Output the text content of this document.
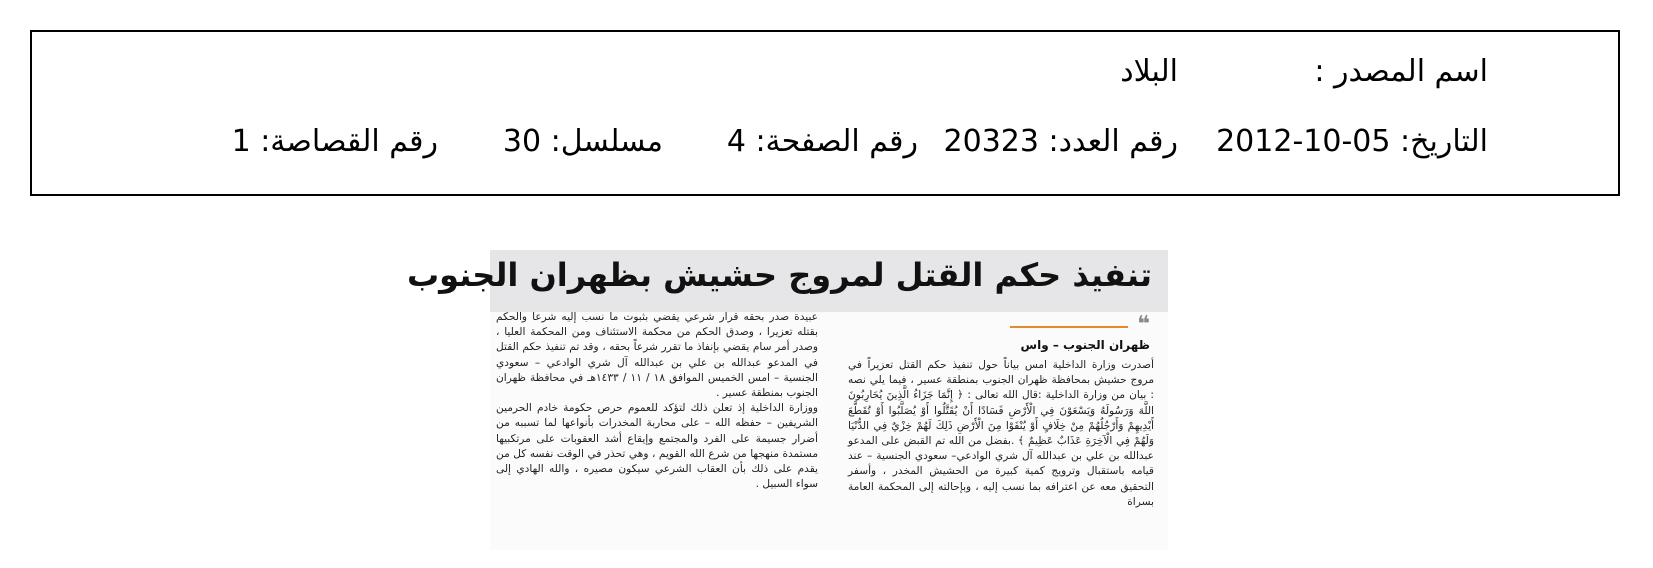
اسم المصدر :
البلاد
التاريخ: 05-10-2012
رقم العدد: 20323
رقم الصفحة: 4
مسلسل: 30
رقم القصاصة: 1
تنفيذ حكم القتل لمروج حشيش بظهران الجنوب
❝
ظهران الجنوب – واس

أصدرت وزارة الداخلية امس بياناً حول تنفيذ حكم القتل تعزيراً في مروج حشيش بمحافظة ظهران الجنوب بمنطقة عسير ، فيما يلي نصه : بيان من وزارة الداخلية :قال الله تعالى : ﴿ إِنَّمَا جَزَاءُ الَّذِينَ يُحَارِبُونَ اللَّهَ وَرَسُولَهُ وَيَسْعَوْنَ فِي الْأَرْضِ فَسَادًا أَنْ يُقَتَّلُوا أَوْ يُصَلَّبُوا أَوْ تُقَطَّعَ أَيْدِيهِمْ وَأَرْجُلُهُمْ مِنْ خِلَافٍ أَوْ يُنْفَوْا مِنَ الْأَرْضِ ذَلِكَ لَهُمْ خِزْيٌ فِي الدُّنْيَا وَلَهُمْ فِي الْآخِرَةِ عَذَابٌ عَظِيمٌ ﴾ .بفضل من الله تم القبض على المدعو عبدالله بن علي بن عبدالله آل شري الوادعي– سعودي الجنسية – عند قيامه باستقبال وترويج كمية كبيرة من الحشيش المخدر ، وأسفر التحقيق معه عن اعترافه بما نسب إليه ، وبإحالته إلى المحكمة العامة بسراة

عبيدة صدر بحقه قرار شرعي يقضي بثبوت ما نسب إليه شرعا والحكم بقتله تعزيرا ، وصدق الحكم من محكمة الاستئناف ومن المحكمة العليا ، وصدر أمر سام يقضي بإنفاذ ما تقرر شرعاً بحقه ، وقد تم تنفيذ حكم القتل في المدعو عبدالله بن علي بن عبدالله آل شري الوادعي – سعودي الجنسية – امس الخميس الموافق ١٨ / ١١ / ١٤٣٣هـ في محافظة ظهران الجنوب بمنطقة عسير .

ووزارة الداخلية إذ تعلن ذلك لتؤكد للعموم حرص حكومة خادم الحرمين الشريفين – حفظه الله – على محاربة المخدرات بأنواعها لما تسببه من أضرار جسيمة على الفرد والمجتمع وإيقاع أشد العقوبات على مرتكبيها مستمدة منهجها من شرع الله القويم ، وهي تحذر في الوقت نفسه كل من يقدم على ذلك بأن العقاب الشرعي سيكون مصيره ، والله الهادي إلى سواء السبيل .
